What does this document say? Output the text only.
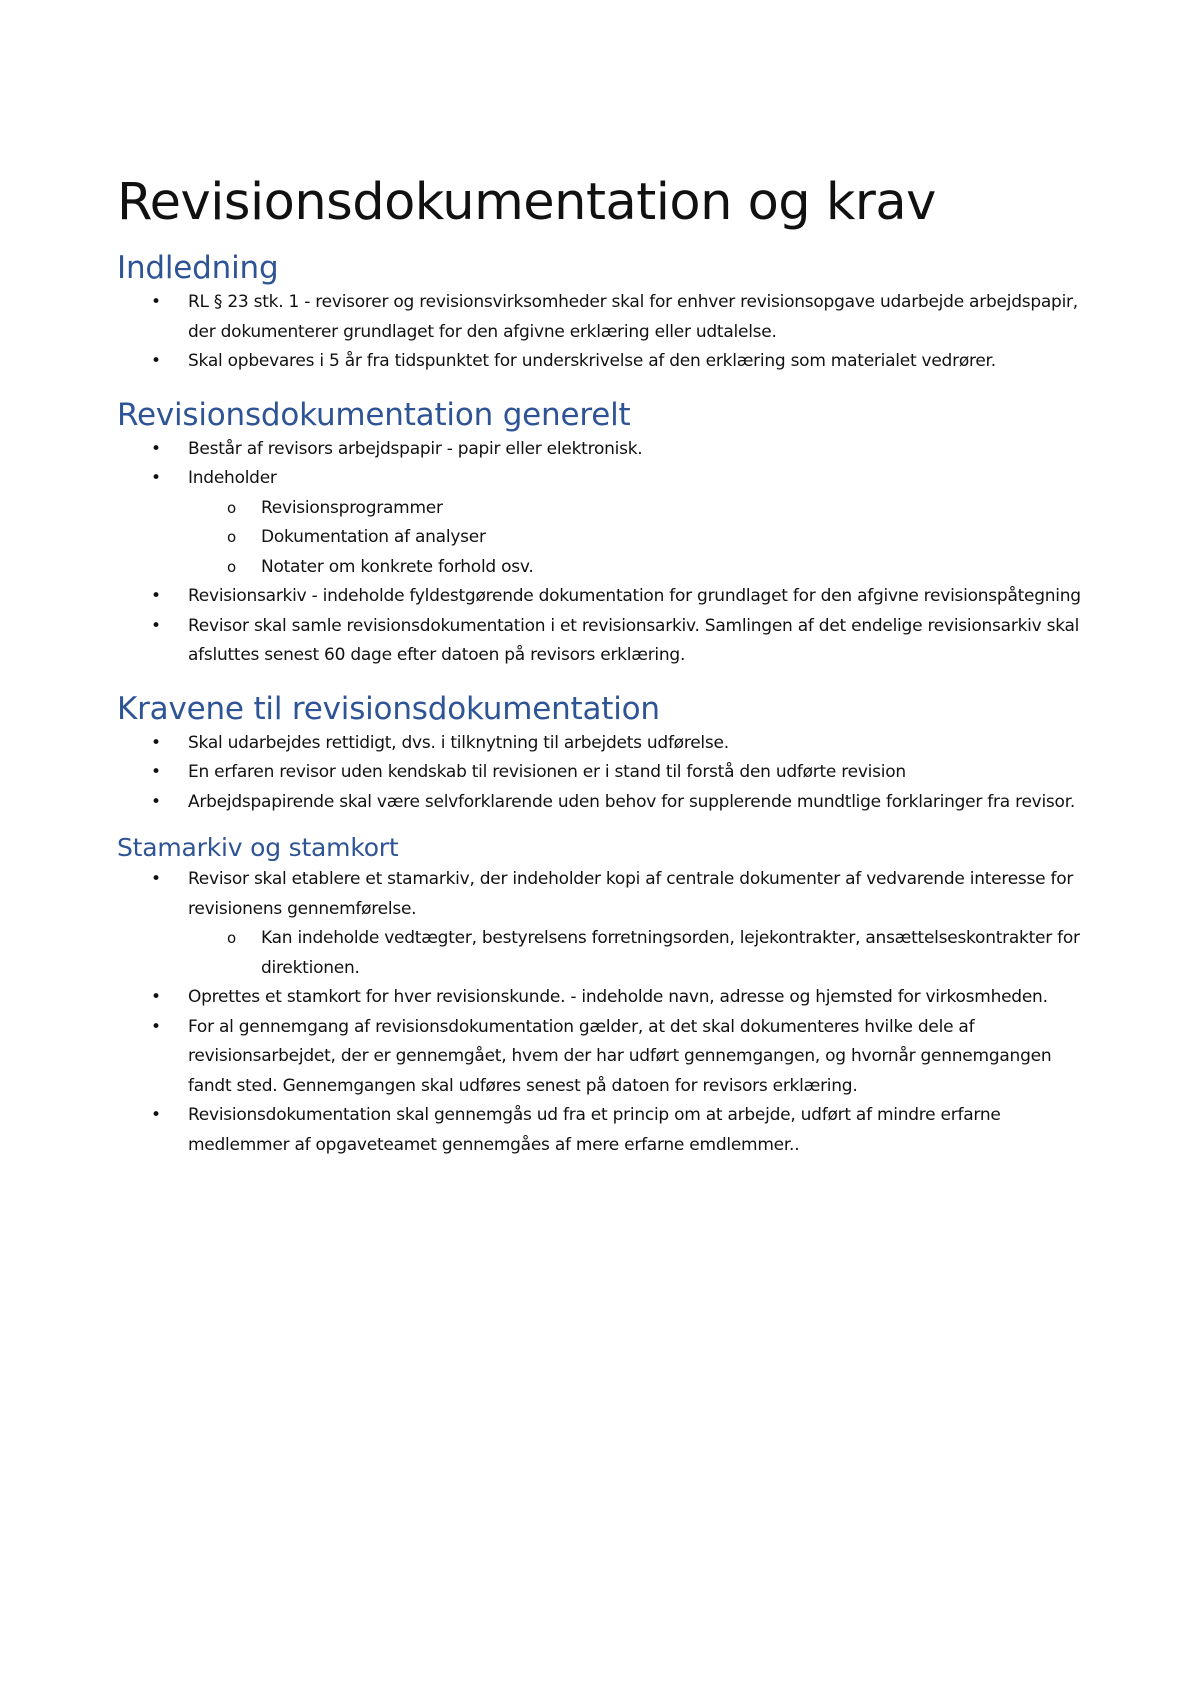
Revisionsdokumentation og krav
Indledning
• RL § 23 stk. 1 - revisorer og revisionsvirksomheder skal for enhver revisionsopgave udarbejde arbejdspapir, der dokumenterer grundlaget for den afgivne erklæring eller udtalelse.
• Skal opbevares i 5 år fra tidspunktet for underskrivelse af den erklæring som materialet vedrører.
Revisionsdokumentation generelt
• Består af revisors arbejdspapir - papir eller elektronisk.
• Indeholder
o Revisionsprogrammer
o Dokumentation af analyser
o Notater om konkrete forhold osv.
• Revisionsarkiv - indeholde fyldestgørende dokumentation for grundlaget for den afgivne revisionspåtegning
• Revisor skal samle revisionsdokumentation i et revisionsarkiv. Samlingen af det endelige revisionsarkiv skal afsluttes senest 60 dage efter datoen på revisors erklæring.
Kravene til revisionsdokumentation
• Skal udarbejdes rettidigt, dvs. i tilknytning til arbejdets udførelse.
• En erfaren revisor uden kendskab til revisionen er i stand til forstå den udførte revision
• Arbejdspapirende skal være selvforklarende uden behov for supplerende mundtlige forklaringer fra revisor.
Stamarkiv og stamkort
• Revisor skal etablere et stamarkiv, der indeholder kopi af centrale dokumenter af vedvarende interesse for revisionens gennemførelse.
o Kan indeholde vedtægter, bestyrelsens forretningsorden, lejekontrakter, ansættelseskontrakter for direktionen.
• Oprettes et stamkort for hver revisionskunde. - indeholde navn, adresse og hjemsted for virkosmheden.
• For al gennemgang af revisionsdokumentation gælder, at det skal dokumenteres hvilke dele af revisionsarbejdet, der er gennemgået, hvem der har udført gennemgangen, og hvornår gennemgangen fandt sted. Gennemgangen skal udføres senest på datoen for revisors erklæring.
• Revisionsdokumentation skal gennemgås ud fra et princip om at arbejde, udført af mindre erfarne medlemmer af opgaveteamet gennemgåes af mere erfarne emdlemmer..
